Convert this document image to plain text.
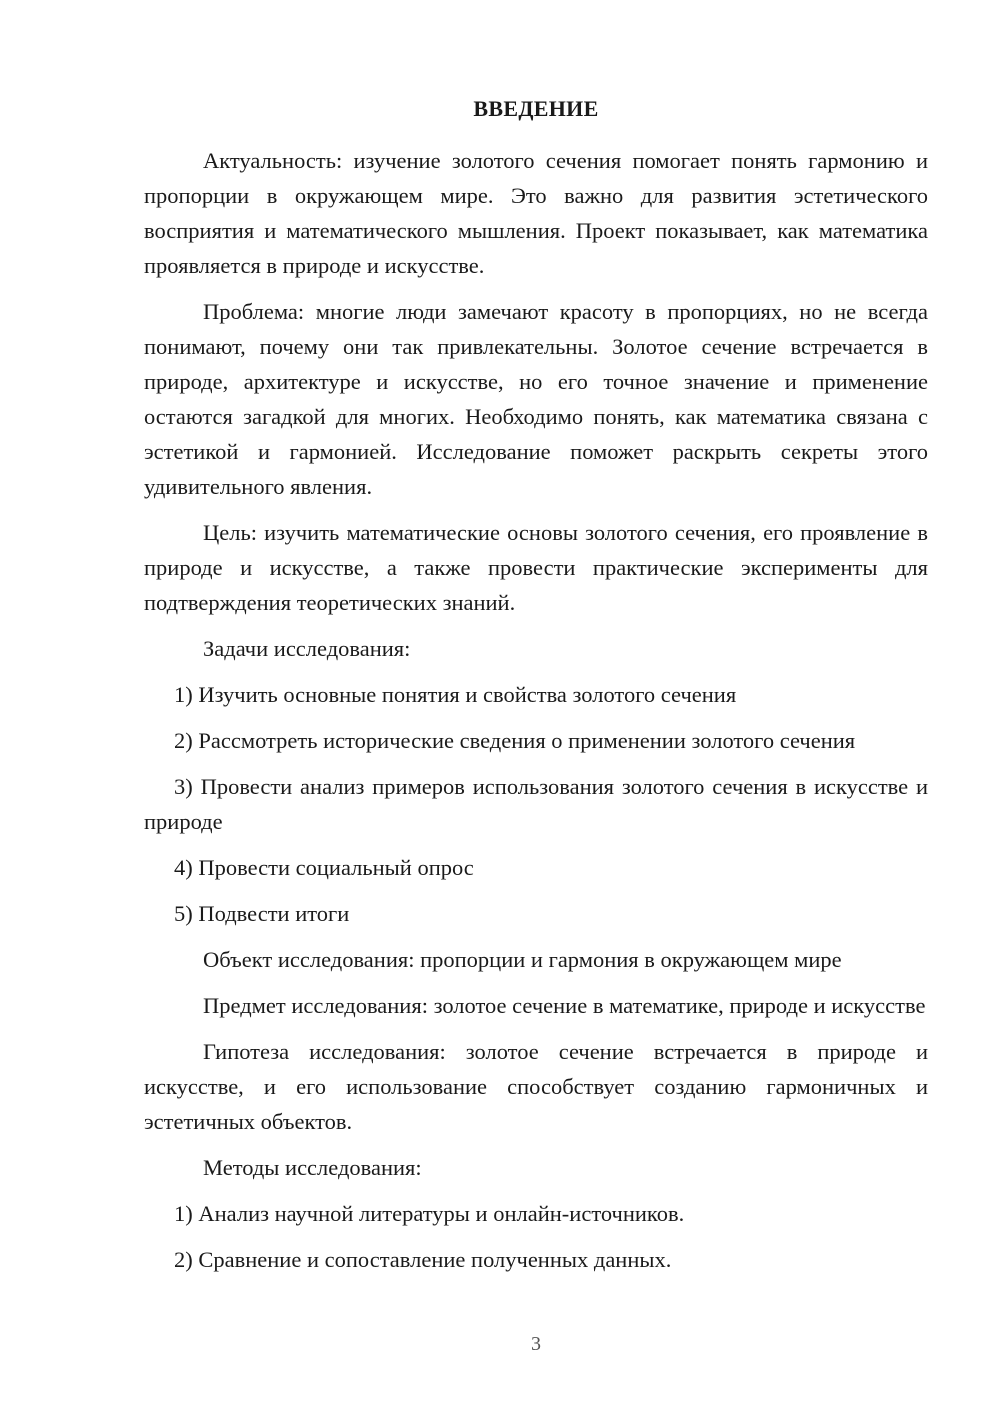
ВВЕДЕНИЕ

Актуальность: изучение золотого сечения помогает понять гармонию и пропорции в окружающем мире. Это важно для развития эстетического восприятия и математического мышления. Проект показывает, как математика проявляется в природе и искусстве.

Проблема: многие люди замечают красоту в пропорциях, но не всегда понимают, почему они так привлекательны. Золотое сечение встречается в природе, архитектуре и искусстве, но его точное значение и применение остаются загадкой для многих. Необходимо понять, как математика связана с эстетикой и гармонией. Исследование поможет раскрыть секреты этого удивительного явления.

Цель: изучить математические основы золотого сечения, его проявление в природе и искусстве, а также провести практические эксперименты для подтверждения теоретических знаний.

Задачи исследования:

1) Изучить основные понятия и свойства золотого сечения

2) Рассмотреть исторические сведения о применении золотого сечения

3) Провести анализ примеров использования золотого сечения в искусстве и природе

4) Провести социальный опрос

5) Подвести итоги

Объект исследования: пропорции и гармония в окружающем мире

Предмет исследования: золотое сечение в математике, природе и искусстве

Гипотеза исследования: золотое сечение встречается в природе и искусстве, и его использование способствует созданию гармоничных и эстетичных объектов.

Методы исследования:

1) Анализ научной литературы и онлайн-источников.

2) Сравнение и сопоставление полученных данных.

3
